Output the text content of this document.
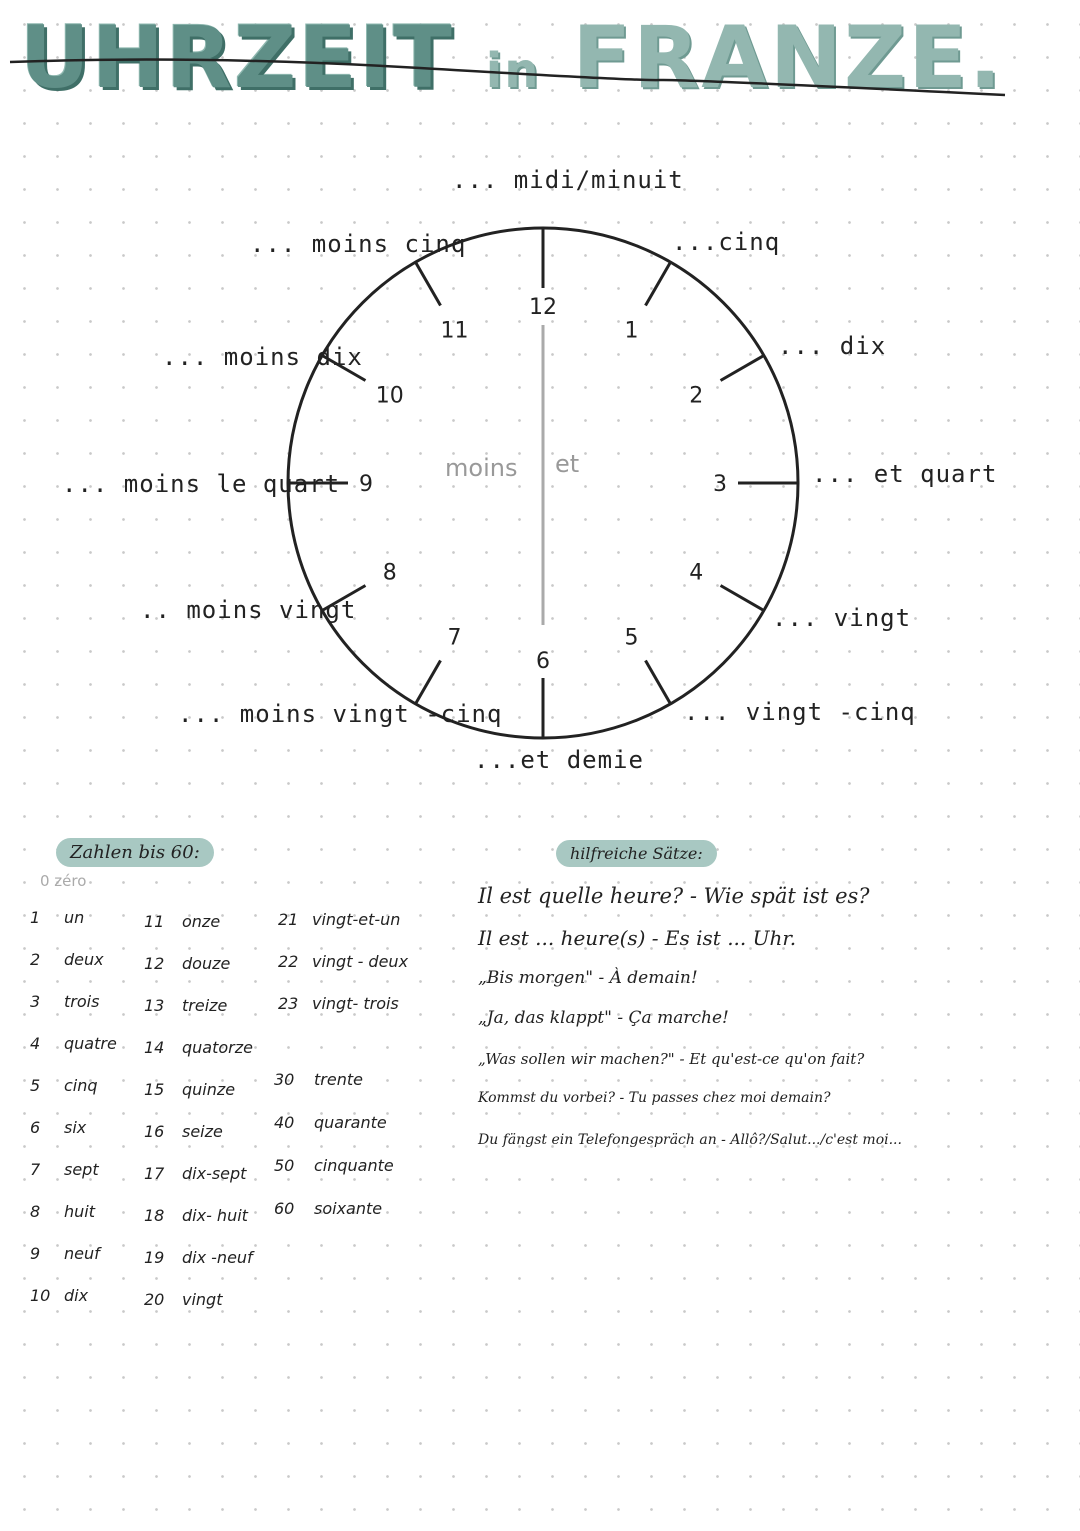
UHRZEIT in FRANZE.
12
1
2
3
4
5
6
7
8
9
10
11
moins et
... midi/minuit
...cinq
... dix
... et quart
... vingt
... vingt -cinq
...et demie
... moins vingt -cinq
.. moins vingt
... moins le quart
... moins dix
... moins cinq
Zahlen bis 60:
0 zéro
1 un
2 deux
3 trois
4 quatre
5 cinq
6 six
7 sept
8 huit
9 neuf
10 dix
11 onze
12 douze
13 treize
14 quatorze
15 quinze
16 seize
17 dix-sept
18 dix- huit
19 dix -neuf
20 vingt
21 vingt-et-un
22 vingt - deux
23 vingt- trois
30 trente
40 quarante
50 cinquante
60 soixante
hilfreiche Sätze:
Il est quelle heure? - Wie spät ist es?
Il est ... heure(s) - Es ist ... Uhr.
„Bis morgen" - À demain!
„Ja, das klappt" - Ça marche!
„Was sollen wir machen?" - Et qu'est-ce qu'on fait?
Kommst du vorbei? - Tu passes chez moi demain?
Du fängst ein Telefongespräch an - Allô?/Salut.../c'est moi...
